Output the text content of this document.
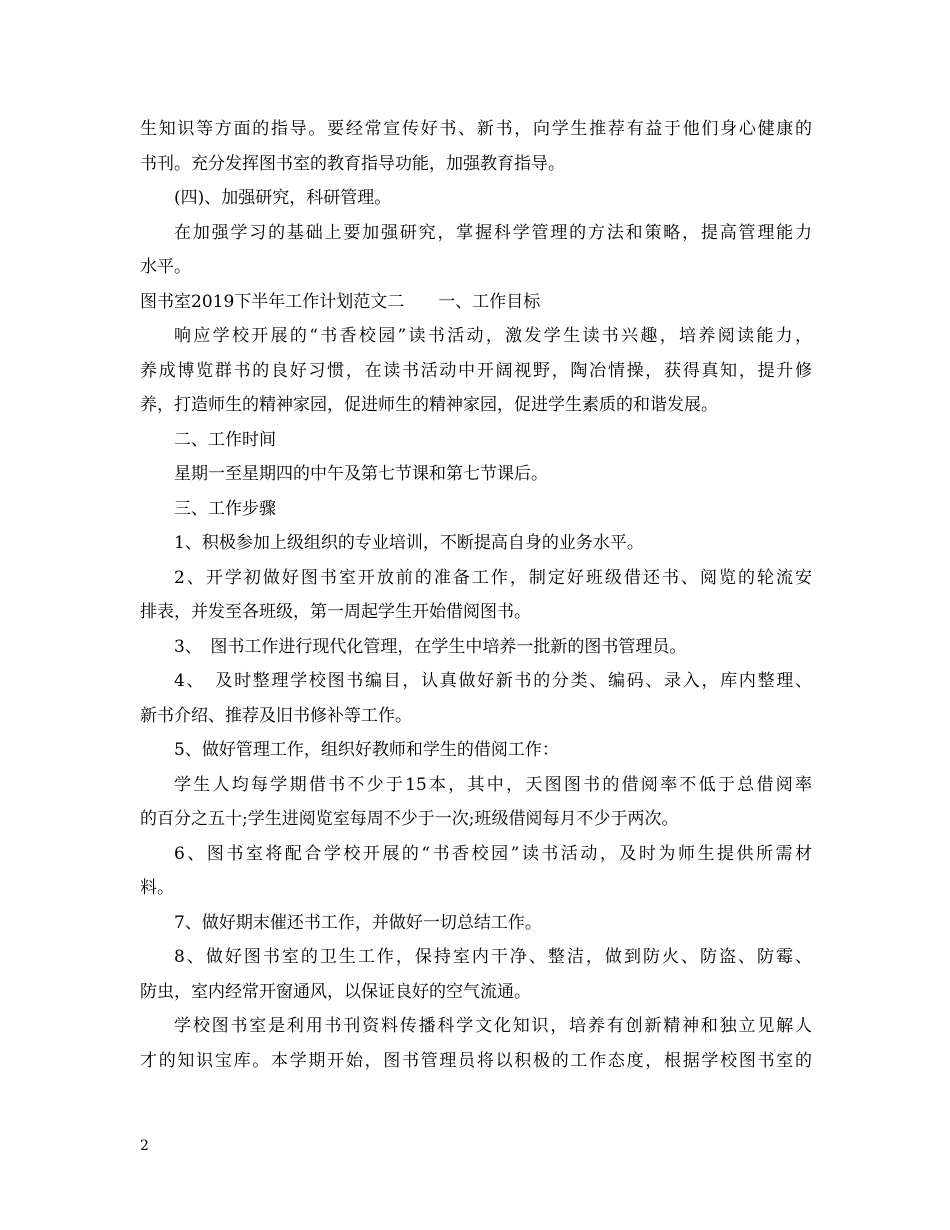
生知识等方面的指导。要经常宣传好书、新书，向学生推荐有益于他们身心健康的
书刊。充分发挥图书室的教育指导功能，加强教育指导。
(四)、加强研究，科研管理。
在加强学习的基础上要加强研究，掌握科学管理的方法和策略，提高管理能力
水平。
图书室2019下半年工作计划范文二　　一、工作目标
响应学校开展的“书香校园”读书活动，激发学生读书兴趣，培养阅读能力，
养成博览群书的良好习惯，在读书活动中开阔视野，陶冶情操，获得真知，提升修
养，打造师生的精神家园，促进师生的精神家园，促进学生素质的和谐发展。
二、工作时间
星期一至星期四的中午及第七节课和第七节课后。
三、工作步骤
1、积极参加上级组织的专业培训，不断提高自身的业务水平。
2、开学初做好图书室开放前的准备工作，制定好班级借还书、阅览的轮流安
排表，并发至各班级，第一周起学生开始借阅图书。
3、　图书工作进行现代化管理，在学生中培养一批新的图书管理员。
4、　及时整理学校图书编目，认真做好新书的分类、编码、录入，库内整理、
新书介绍、推荐及旧书修补等工作。
5、做好管理工作，组织好教师和学生的借阅工作：
学生人均每学期借书不少于15本，其中，天图图书的借阅率不低于总借阅率
的百分之五十;学生进阅览室每周不少于一次;班级借阅每月不少于两次。
6、图书室将配合学校开展的“书香校园”读书活动，及时为师生提供所需材
料。
7、做好期末催还书工作，并做好一切总结工作。
8、做好图书室的卫生工作，保持室内干净、整洁，做到防火、防盗、防霉、
防虫，室内经常开窗通风，以保证良好的空气流通。
学校图书室是利用书刊资料传播科学文化知识，培养有创新精神和独立见解人
才的知识宝库。本学期开始，图书管理员将以积极的工作态度，根据学校图书室的
2
